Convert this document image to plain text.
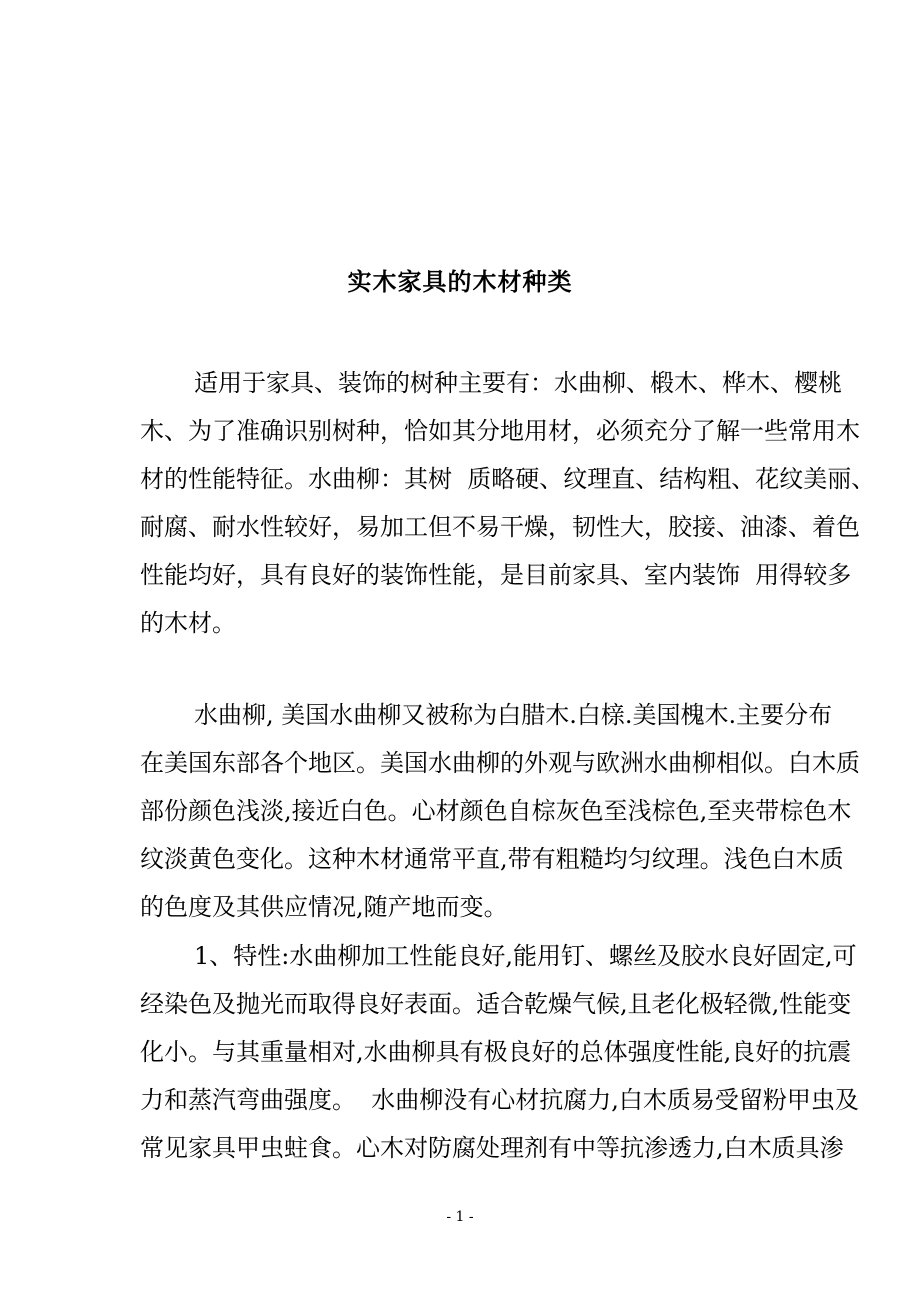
实木家具的木材种类
适用于家具、装饰的树种主要有：水曲柳、椴木、桦木、樱桃
木、为了准确识别树种，恰如其分地用材，必须充分了解一些常用木
材的性能特征。水曲柳：其树  质略硬、纹理直、结构粗、花纹美丽、
耐腐、耐水性较好，易加工但不易干燥，韧性大，胶接、油漆、着色
性能均好，具有良好的装饰性能，是目前家具、室内装饰  用得较多
的木材。
水曲柳, 美国水曲柳又被称为白腊木.白榇.美国槐木.主要分布
在美国东部各个地区。美国水曲柳的外观与欧洲水曲柳相似。白木质
部份颜色浅淡,接近白色。心材颜色自棕灰色至浅棕色,至夹带棕色木
纹淡黄色变化。这种木材通常平直,带有粗糙均匀纹理。浅色白木质
的色度及其供应情况,随产地而变。
1、特性:水曲柳加工性能良好,能用钉、螺丝及胶水良好固定,可
经染色及抛光而取得良好表面。适合乾燥气候,且老化极轻微,性能变
化小。与其重量相对,水曲柳具有极良好的总体强度性能,良好的抗震
力和蒸汽弯曲强度。  水曲柳没有心材抗腐力,白木质易受留粉甲虫及
常见家具甲虫蛀食。心木对防腐处理剂有中等抗渗透力,白木质具渗
- 1 -
